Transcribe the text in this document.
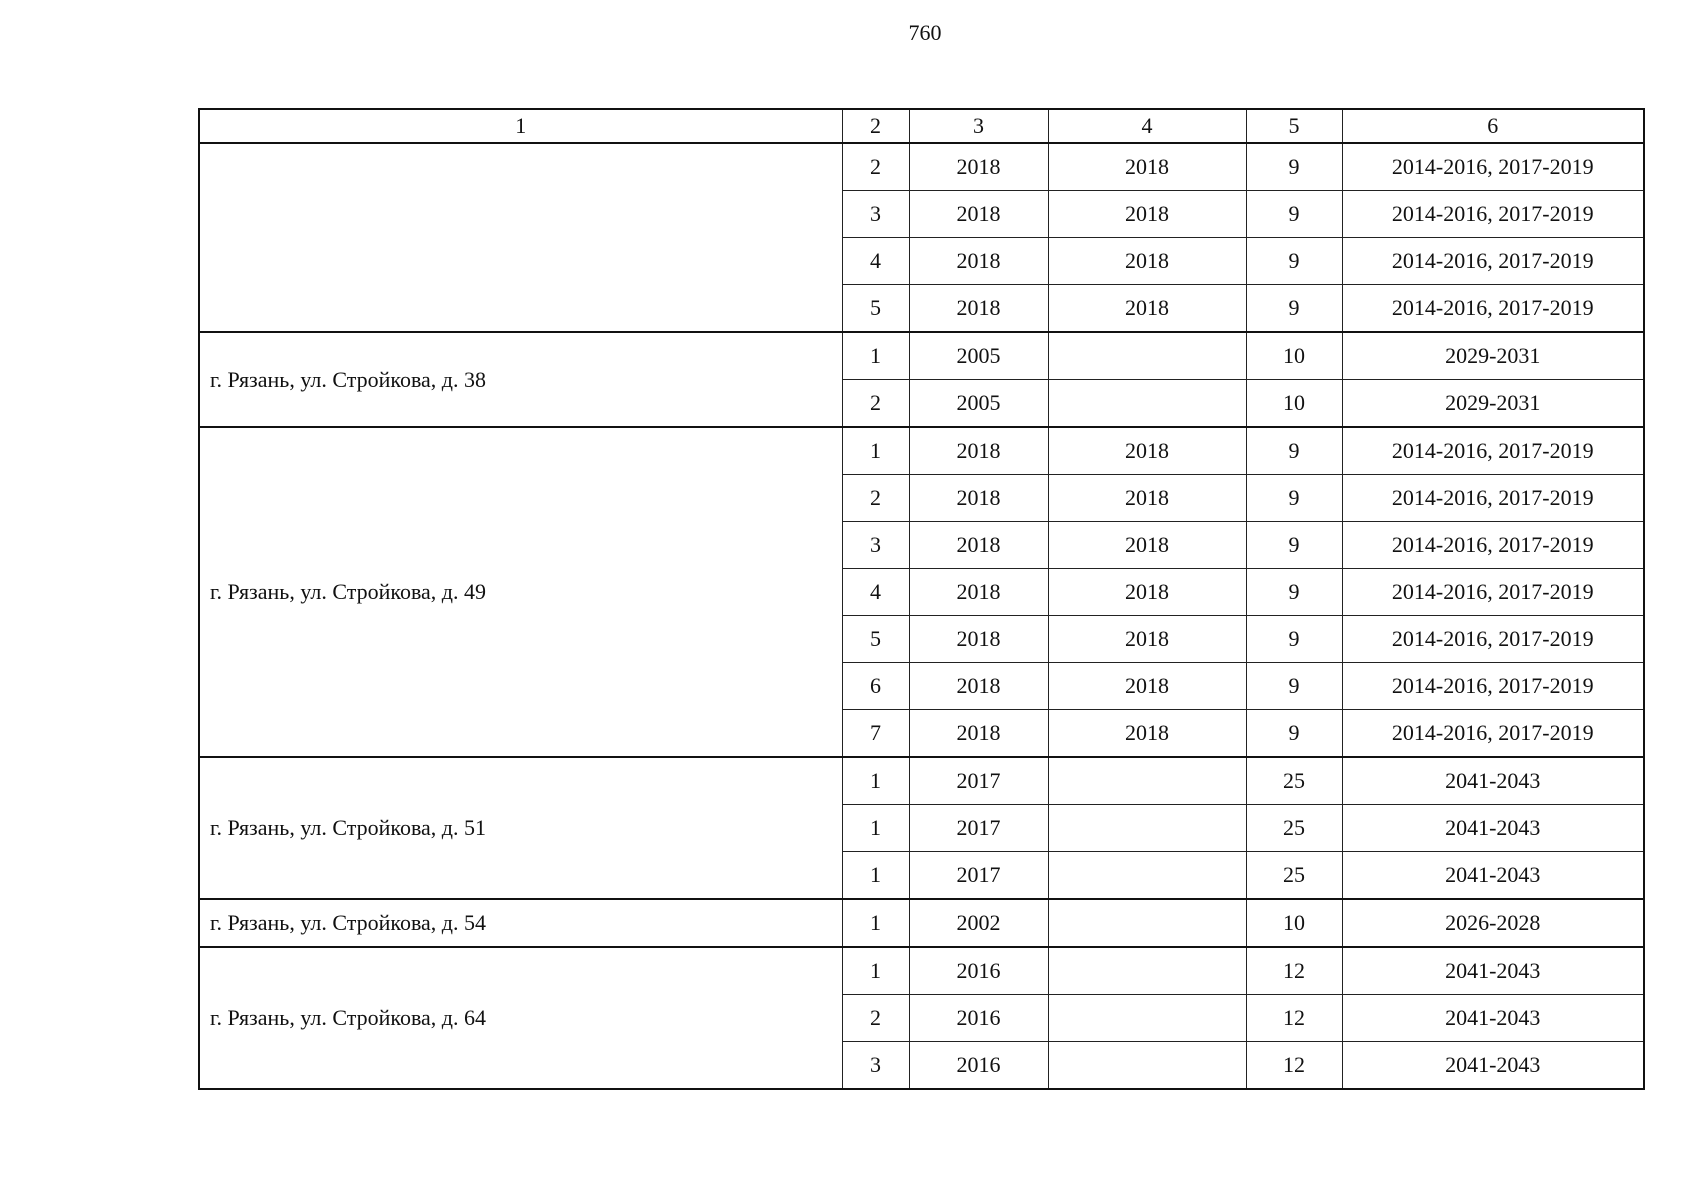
760
1	2	3	4	5	6
	2	2018	2018	9	2014-2016, 2017-2019
	3	2018	2018	9	2014-2016, 2017-2019
	4	2018	2018	9	2014-2016, 2017-2019
	5	2018	2018	9	2014-2016, 2017-2019
г. Рязань, ул. Стройкова, д. 38	1	2005		10	2029-2031
	2	2005		10	2029-2031
г. Рязань, ул. Стройкова, д. 49	1	2018	2018	9	2014-2016, 2017-2019
	2	2018	2018	9	2014-2016, 2017-2019
	3	2018	2018	9	2014-2016, 2017-2019
	4	2018	2018	9	2014-2016, 2017-2019
	5	2018	2018	9	2014-2016, 2017-2019
	6	2018	2018	9	2014-2016, 2017-2019
	7	2018	2018	9	2014-2016, 2017-2019
г. Рязань, ул. Стройкова, д. 51	1	2017		25	2041-2043
	1	2017		25	2041-2043
	1	2017		25	2041-2043
г. Рязань, ул. Стройкова, д. 54	1	2002		10	2026-2028
г. Рязань, ул. Стройкова, д. 64	1	2016		12	2041-2043
	2	2016		12	2041-2043
	3	2016		12	2041-2043
